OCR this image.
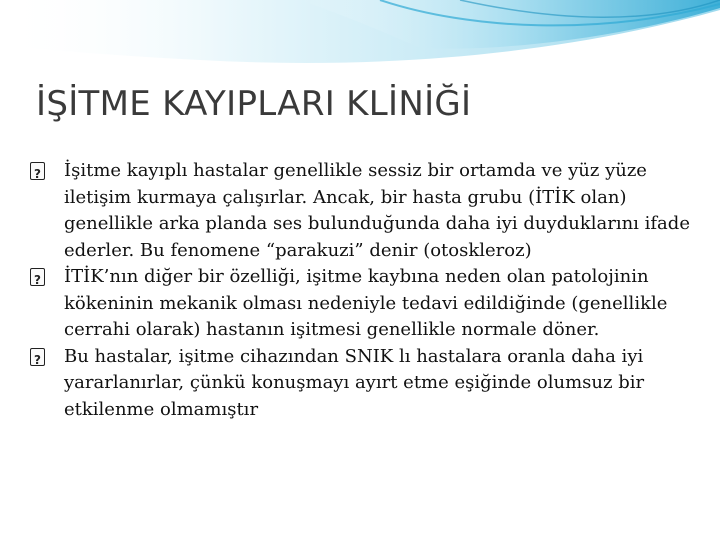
İŞİTME KAYIPLARI KLİNİĞİ
?
İşitme kayıplı hastalar genellikle sessiz bir ortamda ve yüz yüze iletişim kurmaya çalışırlar. Ancak, bir hasta grubu (İTİK olan) genellikle arka planda ses bulunduğunda daha iyi duyduklarını ifade ederler. Bu fenomene “parakuzi” denir (otoskleroz)
?
İTİK’nın diğer bir özelliği, işitme kaybına neden olan patolojinin kökeninin mekanik olması nedeniyle tedavi edildiğinde (genellikle cerrahi olarak) hastanın işitmesi genellikle normale döner.
?
Bu hastalar, işitme cihazından SNIK lı hastalara oranla daha iyi yararlanırlar, çünkü konuşmayı ayırt etme eşiğinde olumsuz bir etkilenme olmamıştır
